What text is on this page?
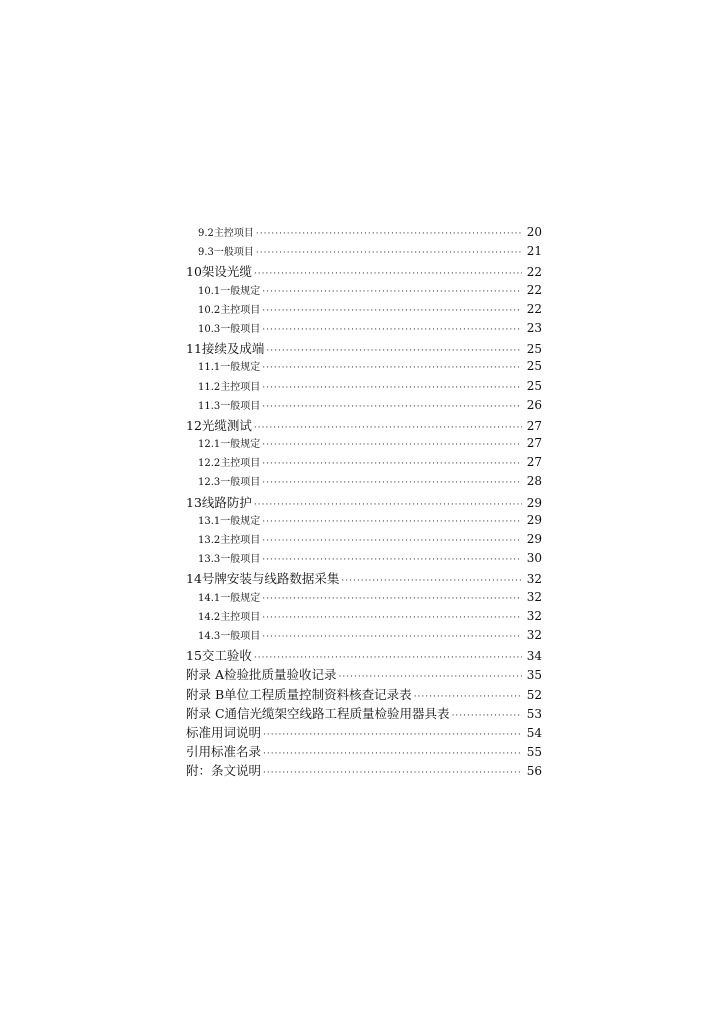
9.2 主控项目 ·····	20
9.3 一般项目 ·····	21
10 架设光缆 ·····	22
10.1 一般规定 ·····	22
10.2 主控项目 ·····	22
10.3 一般项目 ·····	23
11 接续及成端 ·····	25
11.1 一般规定 ·····	25
11.2 主控项目 ·····	25
11.3 一般项目 ·····	26
12 光缆测试 ·····	27
12.1 一般规定 ·····	27
12.2 主控项目 ·····	27
12.3 一般项目 ·····	28
13 线路防护 ·····	29
13.1 一般规定 ·····	29
13.2 主控项目 ·····	29
13.3 一般项目 ·····	30
14 号牌安装与线路数据采集 ·····	32
14.1 一般规定 ·····	32
14.2 主控项目 ·····	32
14.3 一般项目 ·····	32
15 交工验收 ·····	34
附录 A 检验批质量验收记录 ·····	35
附录 B 单位工程质量控制资料核查记录表 ·····	52
附录 C 通信光缆架空线路工程质量检验用器具表 ·····	53
标准用词说明 ·····	54
引用标准名录 ·····	55
附：条文说明 ·····	56
